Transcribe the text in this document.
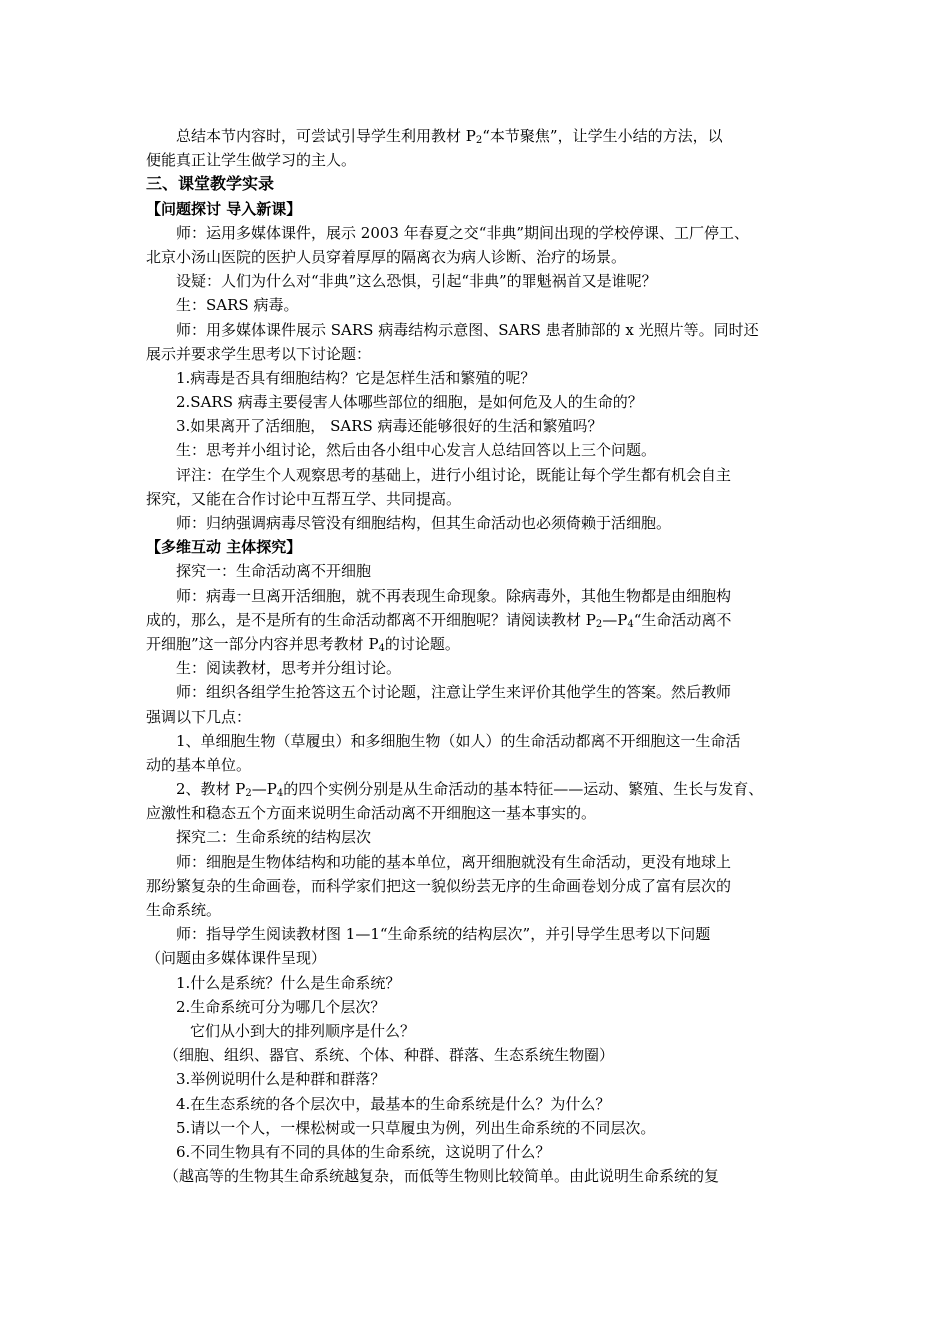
总结本节内容时，可尝试引导学生利用教材 $P_2“$本节聚焦”，让学生小结的方法，以
便能真正让学生做学习的主人。
三、课堂教学实录
【问题探讨 导入新课】
师：运用多媒体课件，展示 2003 年春夏之交“非典”期间出现的学校停课、工厂停工、
北京小汤山医院的医护人员穿着厚厚的隔离衣为病人诊断、治疗的场景。
设疑：人们为什么对“非典”这么恐惧，引起“非典”的罪魁祸首又是谁呢？
生：SARS 病毒。
师：用多媒体课件展示 SARS 病毒结构示意图、SARS 患者肺部的 x 光照片等。同时还
展示并要求学生思考以下讨论题：
1.病毒是否具有细胞结构？它是怎样生活和繁殖的呢？
2.SARS 病毒主要侵害人体哪些部位的细胞，是如何危及人的生命的？
3.如果离开了活细胞， SARS 病毒还能够很好的生活和繁殖吗？
生：思考并小组讨论，然后由各小组中心发言人总结回答以上三个问题。
评注：在学生个人观察思考的基础上，进行小组讨论，既能让每个学生都有机会自主
探究，又能在合作讨论中互帮互学、共同提高。
师：归纳强调病毒尽管没有细胞结构，但其生命活动也必须倚赖于活细胞。
【多维互动 主体探究】
探究一：生命活动离不开细胞
师：病毒一旦离开活细胞，就不再表现生命现象。除病毒外，其他生物都是由细胞构
成的，那么，是不是所有的生命活动都离不开细胞呢？请阅读教材 $P_2—P_4“$生命活动离不
开细胞”这一部分内容并思考教材 $P_4$的讨论题。
生：阅读教材，思考并分组讨论。
师：组织各组学生抢答这五个讨论题，注意让学生来评价其他学生的答案。然后教师
强调以下几点：
1、单细胞生物（草履虫）和多细胞生物（如人）的生命活动都离不开细胞这一生命活
动的基本单位。
2、教材 $P_2—P_4$的四个实例分别是从生命活动的基本特征——运动、繁殖、生长与发育、
应激性和稳态五个方面来说明生命活动离不开细胞这一基本事实的。
探究二：生命系统的结构层次
师：细胞是生物体结构和功能的基本单位，离开细胞就没有生命活动，更没有地球上
那纷繁复杂的生命画卷，而科学家们把这一貌似纷芸无序的生命画卷划分成了富有层次的
生命系统。
师：指导学生阅读教材图 1—1“生命系统的结构层次”，并引导学生思考以下问题
（问题由多媒体课件呈现）
1.什么是系统？什么是生命系统？
2.生命系统可分为哪几个层次？
它们从小到大的排列顺序是什么？
（细胞、组织、器官、系统、个体、种群、群落、生态系统生物圈）
3.举例说明什么是种群和群落？
4.在生态系统的各个层次中，最基本的生命系统是什么？为什么？
5.请以一个人，一棵松树或一只草履虫为例，列出生命系统的不同层次。
6.不同生物具有不同的具体的生命系统，这说明了什么？
（越高等的生物其生命系统越复杂，而低等生物则比较简单。由此说明生命系统的复
